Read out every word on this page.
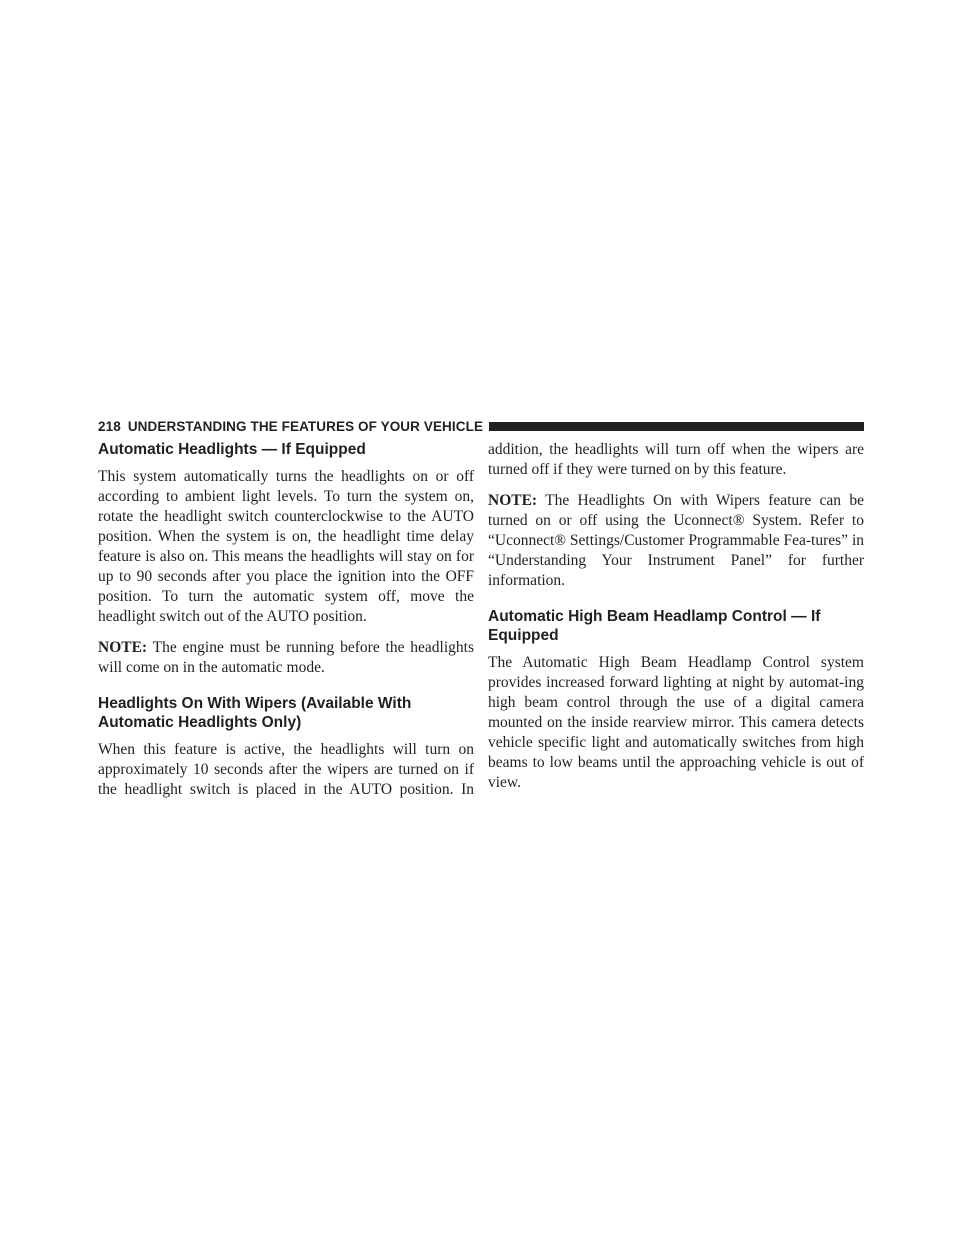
218 UNDERSTANDING THE FEATURES OF YOUR VEHICLE
Automatic Headlights — If Equipped

This system automatically turns the headlights on or off according to ambient light levels. To turn the system on, rotate the headlight switch counterclockwise to the AUTO position. When the system is on, the headlight time delay feature is also on. This means the headlights will stay on for up to 90 seconds after you place the ignition into the OFF position. To turn the automatic system off, move the headlight switch out of the AUTO position.

NOTE: The engine must be running before the headlights will come on in the automatic mode.

Headlights On With Wipers (Available With Automatic Headlights Only)

When this feature is active, the headlights will turn on approximately 10 seconds after the wipers are turned on if the headlight switch is placed in the AUTO position. In

addition, the headlights will turn off when the wipers are turned off if they were turned on by this feature.

NOTE: The Headlights On with Wipers feature can be turned on or off using the Uconnect® System. Refer to “Uconnect® Settings/Customer Programmable Fea-tures” in “Understanding Your Instrument Panel” for further information.

Automatic High Beam Headlamp Control — If Equipped

The Automatic High Beam Headlamp Control system provides increased forward lighting at night by automat-ing high beam control through the use of a digital camera mounted on the inside rearview mirror. This camera detects vehicle specific light and automatically switches from high beams to low beams until the approaching vehicle is out of view.
